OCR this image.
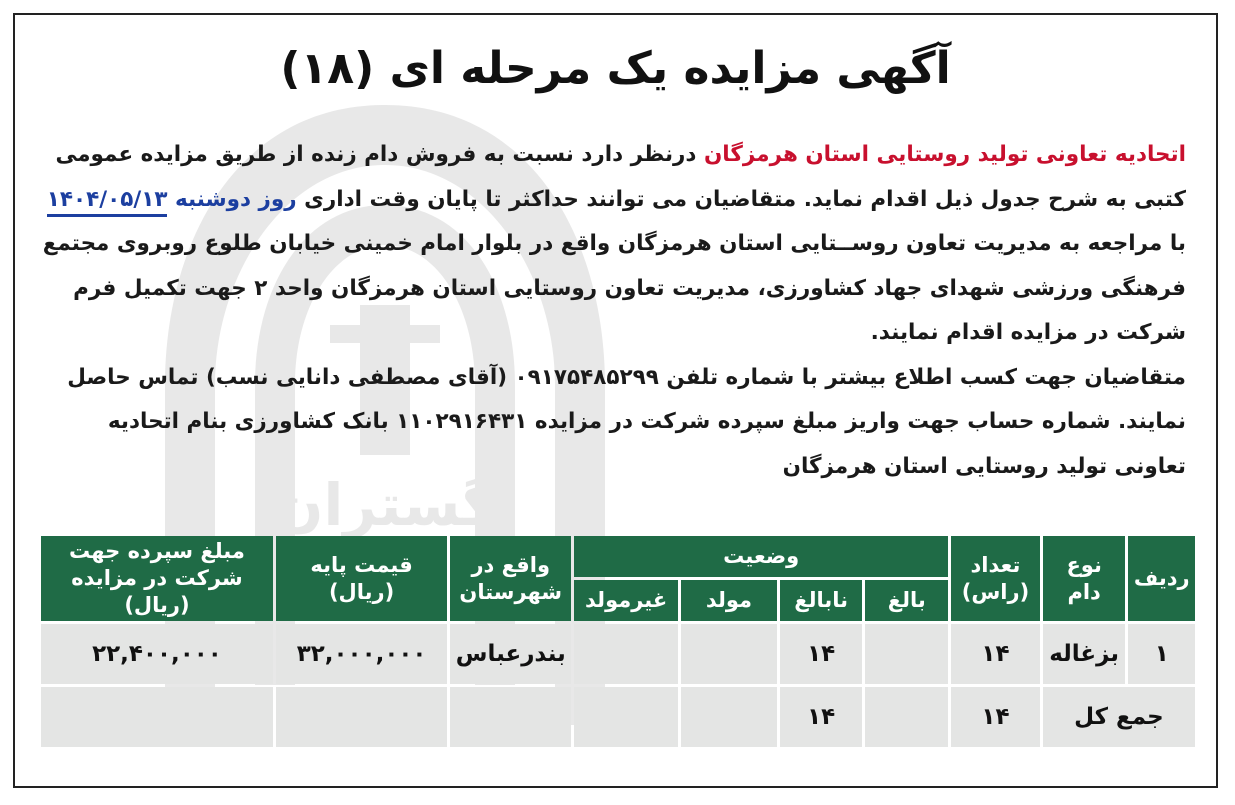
گستران
آگهی مزایده یک مرحله ای (۱۸)
اتحادیه تعاونی تولید روستایی استان هرمزگان درنظر دارد نسبت به فروش دام زنده از طریق مزایده عمومی
کتبی به شرح جدول ذیل اقدام نماید. متقاضیان می توانند حداکثر تا پایان وقت اداری روز دوشنبه ۱۴۰۴/۰۵/۱۳
با مراجعه به مدیریت تعاون روســتایی استان هرمزگان واقع در بلوار امام خمینی خیابان طلوع روبروی مجتمع
فرهنگی ورزشی شهدای جهاد کشاورزی، مدیریت تعاون روستایی استان هرمزگان واحد ۲ جهت تکمیل فرم
شرکت در مزایده اقدام نمایند.
متقاضیان جهت کسب اطلاع بیشتر با شماره تلفن ۰۹۱۷۵۴۸۵۲۹۹ (آقای مصطفی دانایی نسب) تماس حاصل
نمایند. شماره حساب جهت واریز مبلغ سپرده شرکت در مزایده ۱۱۰۲۹۱۶۴۳۱ بانک کشاورزی بنام اتحادیه
تعاونی تولید روستایی استان هرمزگان
ردیف	نوع دام	تعداد (راس)	وضعیت				واقع در شهرستان	قیمت پایه (ریال)	مبلغ سپرده جهت شرکت در مزایده (ریال)
			بالغ	نابالغ	مولد	غیرمولد			
۱	بزغاله	۱۴		۱۴			بندرعباس	۳۲,۰۰۰,۰۰۰	۲۲,۴۰۰,۰۰۰
جمع کل		۱۴		۱۴					
